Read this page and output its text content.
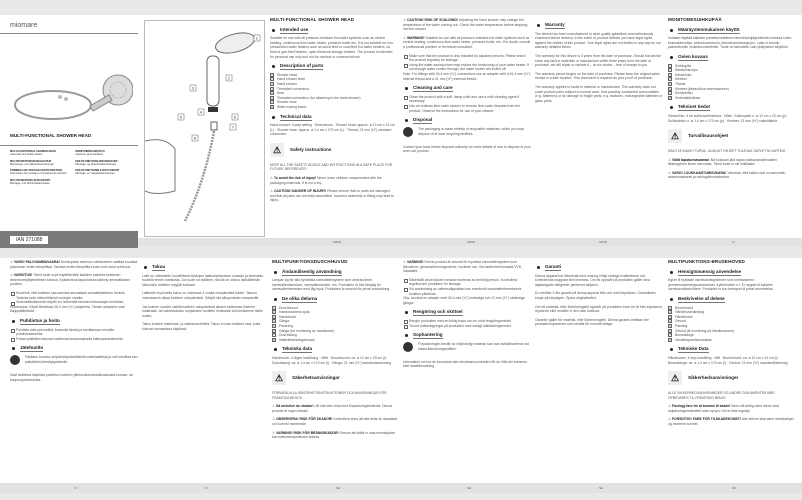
miomare
MULTI-FUNCTIONAL SHOWER HEAD
MULTI-FUNCTIONAL SHOWER HEAD
Assembly and safety advice
MONITOIMISUIHKUPÄÄ
Asennus- ja turvaohjeet
MULTIFUNKTIONSDUSCHHUVUD
Monterings- och säkerhetsanvisningar
MULTIFUNKTIONS-BRUSEHOVED
Montage- og sikkerhedsanvisninger
POMMEAU DE DOUCHE MULTIFONCTION
Instructions de montage et consignes de sécurité
MULTIFUNCTIONELE DOUCHEKOP
Montage- en veiligheidsinstructies
MULTIFUNKTIONS-DUSCHKOPF
Montage- und Sicherheitshinweise
IAN 271088
1
2
3
4
5	6
7
8
MULTI-FUNCTIONAL SHOWER HEAD
Intended use

Suitable for use with all pressure-resistant hot water systems such as central heating, continuous-flow water heater, pressure boiler etc. It is not suitable for non-pressurised water heaters such as wood-fired or coal-fired hot water heaters, oil-fired or gas-fired heaters, open electrical storage heaters. The product is intended for personal use only and not for medical or commercial use.

Description of parts
1	Shower head
2	Hand shower lever
3	Hand shower
4	Threaded connection
5	Seal
6	Threaded connection (for attaching to the hand shower)
7	Shower hose
8	Water-saving insert
Technical data

Hand shower: 4-way setting · Dimensions · Shower head: approx. ø 12 cm x 23 cm (L) · Shower hose: approx. ø 1.4 cm x 170 cm (L) · Thread: 21 mm (½") standard connection

⚠	Safety instructions

KEEP ALL THE SAFETY ADVICE AND INSTRUCTIONS IN A SAFE PLACE FOR FUTURE REFERENCE!

⚠ To avoid the risk of injury! Never leave children unsupervised with the packaging materials. It is not a toy.

⚠ CAUTION! DANGER OF INJURY! Please ensure that no parts are damaged and that all parts are correctly assembled. Incorrect assembly or fitting may lead to injury.

GB/IE

⚠ CAUTION! RISK OF SCALDING! Adjusting the hand shower may change the temperature of the water coming out. Check the water temperature before stepping into the shower.

⚠ WARNING! Suitable for use with all pressure-resistant hot water systems such as central heating, continuous-flow water heater, pressure boiler, etc. If in doubt, consult a professional plumber or technical consultant.

Make sure that the product is only installed by capable persons. Please check the product regularly for leakage.
Using the water-saving insert may reduce the functioning of your water heater. If not enough water comes through, the water heater will switch off.

Note: For fittings with 26.4 mm (¾") connections use an adapter with a 26.4 mm (¾") internal thread and a 21 mm (½") external thread.

Cleaning and care
Clean the product with a soft, damp cloth and use a mild cleaning agent if necessary.
Use an ordinary lime scale cleaner to remove lime scale deposits from the product. Observe the instructions for use of your cleaner.
Disposal
The packaging is made entirely of recyclable materials, which you may dispose of at local recycling facilities.

Contact your local refuse disposal authority for more details of how to dispose of your worn-out product.

GB/IE
Warranty

The device has been manufactured to strict quality guidelines and meticulously examined before delivery. In the event of product defects you have legal rights against the retailer of this product. Your legal rights are not limited in any way by our warranty detailed below.

The warranty for this device is 3 years from the date of purchase. Should this device show any fault in materials or manufacture within three years from the date of purchase, we will repair or replace it – at our choice – free of charge to you.

The warranty period begins on the date of purchase. Please keep the original sales receipt in a safe location. This document is required as your proof of purchase.

The warranty applies to faults in material or manufacture. This warranty does not cover product parts subject to normal wear, thus possibly considered consumables (e.g. batteries) or for damage to fragile parts, e.g. switches, rechargeable batteries or glass parts.

GB/IE
MONITOIMISUIHKUPÄÄ
Määräystenmukainen käyttö

Voidaan käyttää kaikkien painetta kestävien lämminvesijärjestelmien kanssa kuten keskuslämmitys, vedenkuumennin, lämminvesivaraaja jne. Laite ei sovellu paineettomiin vedenkuumentimiin. Tuote on tarkoitettu vain yksityiseen käyttöön.

Osien kuvaus
1	Suihkupää
2	Käsisuihkuvipu
3	Käsisuihku
4	Kierteet
5	Tiiviste
6	Kierteet (käsisuihkun asennukseen)
7	Suihkuletku
8	Vedensäästöosa
Tekniset tiedot

Käsisuihku: 4 eri suihkuvaihtoehtoa · Mitat · Suihkupää: n. ø 12 cm x 23 cm (p) · Suihkuletku: n. ø 1,4 cm x 170 cm (p) · Kierteet: 21 mm (½") vakioliitäntä

⚠	Turvallisuusohjeet

SÄILYTÄ KAIKKI TURVA- JA MUUT OHJEET TULEVAA TARVETTA VARTEN!

⚠ Vältä tapaturmavaaraa! Älä koskaan jätä lapsia pakkausmateriaalien läheisyyteen ilman valvontaa. Tämä tuote ei ole leikkikalu!

⚠ VARO! LOUKKAANTUMISVAARA! Varmista, että kaikki osat on asennettu asianmukaisesti ja vahingoittumattomina.

FI

⚠ VARO! PALOVAMMAVAARA! Suihkupään asennon vaihtaminen saattaa muuttaa juoksevan veden lämpötilaa. Tarkista veden lämpötila ennen kuin astut suihkuun.

⚠ VAROITUS! Tämä tuote sopii käytettäväksi kaikkien painetta kestävien lämminvesijärjestelmien kanssa. Epäselvissä tapauksissa käänny ammattilaisen puoleen.

Huolehdi, että tuotteen saa asentaa ainoastaan ammattitaitoinen henkilö. Tarkista tuote säännöllisesti vuotojen varalta.
Vedensäästöinsertin käyttö voi heikentää lämminvesivaraajan toimintaa.

Huomautus: Käytä liitoksissa 26,4 mm (¾") adapteria. Tämän adapterin saat kauppaliikkeistä.

Puhdistus ja hoito
Puhdista laite pehmeällä, kostealla liinalla ja tarvittaessa miedolla puhdistusaineella.
Poista kalkkikerrostumat tuotteesta tavanomaisella kalkinpoistoaineella.
Jätehuolto
Pakkaus koostuu ympäristöystävällisistä materiaaleista ja voit toimittaa sen paikallisiin kierrätyspisteisiin.

Saat lisätietoa käytöstä poistetun tuotteen jätehuoltomahdollisuuksista kunnan- tai kaupunginvirastosta.

FI
Takuu

Laite on valmistettu huolellisesti tiukkojen laatuohjeistuksen mukaan ja tarkistettu huolella ennen toimitusta. Jos tuote on viallinen, sinulla on oikeus lakisääteisiin oikeuksiin tuotteen myyjää kohtaan.

Laitteelle myönnetty takuu on voimassa 3 vuotta ostopäivästä lukien. Takuun voimassaolo alkaa tuotteen ostopäivästä. Säilytä siis alkuperäinen kassakuitti.

Jos kolmen vuoden sisällä tuotteen ostopäivästä alkaen tuotteessa ilmenee materiaali- tai valmistusvika, korjaamme tuotteen ilmaiseksi tai toimitamme tilalle uuden.

Takuu koskee materiaali- ja valmistusvirheitä. Takuu ei kata tuotteen osia, jotka kuluvat normaalissa käytössä.

FI
MULTIFUNKTIONSDUSCHHUVUD
Ändamålsenlig användning

Lämpar sig för alla tryckfasta varmvattensystem som centralvärme, varmvattenberedare, varmvattentanker, etc. Produkten är inte lämplig för varmvattenberedare med låg tryck. Produkten är avsedd för privat användning.

De olika delarna
1	Duschhuvud
2	Handduschens spak
3	Handdusch
4	Gänga
5	Packning
6	Gänga (för montering av handdusch)
7	Duschslang
8	Vattenflödesbegränsare
Tekniska data

Handdusch: 4-läges inställning · Mått · Duschhuvud: ca. ø 12 cm x 23 cm (l) · Duschslang: ca. ø 1,4 cm x 170 cm (l) · Gänga: 21 mm (½") standardanslutning

⚠	Säkerhetsanvisningar

FÖRVARA ALLA SÄKERHETSINSTRUKTIONER OCH ANVISNINGAR FÖR FRAMTIDA BEHOV.

⚠ Så undviker du skador! Låt inte barn leka med förpackningsmaterial. Denna produkt är ingen leksak!

⚠ OBSERVERA! RISK FÖR SKADOR! Kontrollera ännu att alla delar är oskadade och korrekt monterade.

⚠ VARNING! RISK FÖR BRÄNNSKADOR! Genom att ställa in duschmunstycket kan vattentemperaturen ändras.

SE

⚠ VARNING! Denna produkt är avsedd för tryckfast varmvattensystem som fjärrvärme, genomströmningsvärme, tryckkärl osv. Vid osäkerhet kontakta VVS-installatör.

Säkerställ att produkten endast monteras av behörig person. Kontrollera regelbundet produkten för läckage.
Vid användning av vattensnåpplattan kan eventuellt varmvattenberedarens funktion påverkas.

Obs: Använd en adapter med 26,4 mm (¾") invändiga och 21 mm (½") utvändiga gängor.

Rengöring och skötsel
Rengör produkten med en fuktig trasa och ev. mild rengöringsmedel.
Ta bort kalkavlagringar på produkten med vanligt kalklösningsmedel.
Sophantering
Förpackningen består av miljövänligt material som kan avfallshanteras vid lokala återvinningsställen.

Information om hur du kan kasta den obrukbara produkten får du ifrån din kommun eller stadsförvaltning.

SE
Garanti

Denna apparat har tillverkats med omsorg enligt stränga kvalitetskrav och kontrollerats noggrant före leverans. Om fel uppstår på produkten gäller dina lagstadgade rättigheter gentemot säljaren.

Du erhåller 3 års garanti på denna apparat från och med köpdatum. Garantitiden börjar på köpdagen. Spara originalkvittot.

Om ett material- eller tillverkningsfel uppstår på produkten inom tre år från köpdatum, reparerar eller ersätter vi den utan kostnad.

Garantin gäller för material- eller tillverkningsfel. Denna garanti omfattar inte produktkomponenter som utsätts för normalt slitage.

SE
MULTIFUNKTIONS-BRUSEHOVED
Hensigtsmæssig anvendelse

Egnet til trykfaste varmtvandssystemer som centralvarme, gennemstrømningsvandvarmer, trykbeholder o.l. Er uegnet til trykløse varmtvandsbeholdere. Produktet er kun beregnet til privat anvendelse.

Beskrivelse af delene
1	Brusehoved
2	Håndbrusehåndtag
3	Håndbruser
4	Gevind
5	Pakning
6	Gevind (til montering på håndbruseren)
7	Bruseslange
8	Vandbesparelsesindsats
Tekniske Data

Håndbruser: 4-vejs indstilling · Mål · Brusehoved: ca. ø 12 cm x 23 cm (l) · Bruseslange: ca. ø 1,4 cm x 170 cm (l) · Gevind: 21 mm (½") standardtilslutning

⚠	Sikkerhedsanvisninger

ALLE SIKKERHEDSANVISNINGER OG ANDRE DOKUMENTER BØR OPBEVARES TIL FREMTIDIG BRUG!

⚠ Forebyg fare for at komme til skade! Børn må aldrig være alene med indpakningsmaterialet uden opsyn. Det er ikke legetøj!

⚠ FORSIGTIG! FARE FOR TILSKADEKOMST! Alle delene skal være ubeskadiget og monteret korrekt.

DK
